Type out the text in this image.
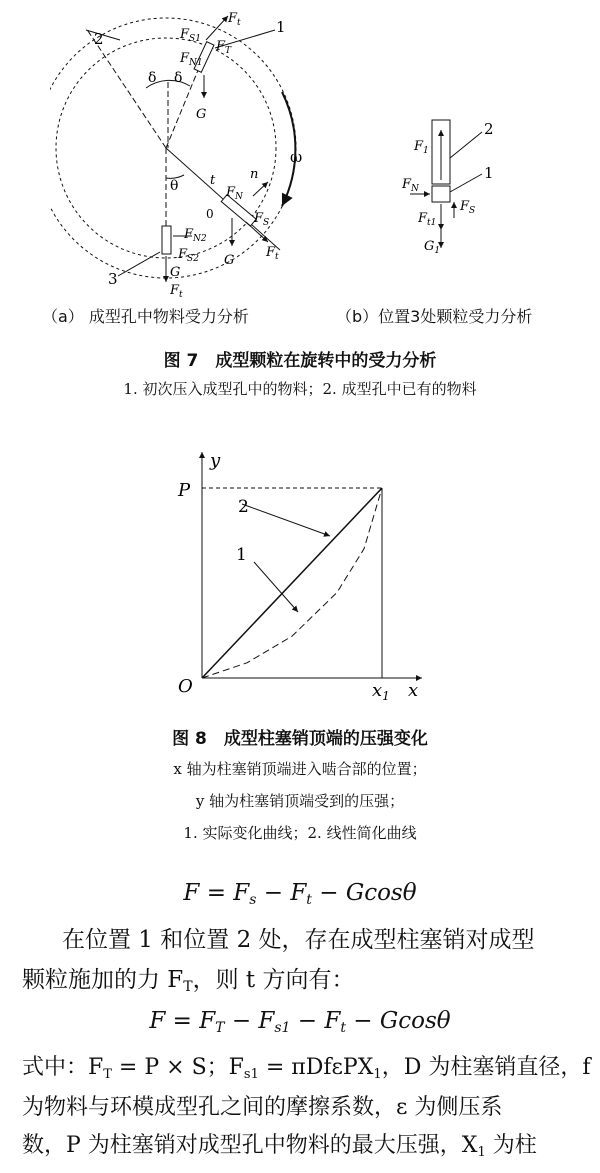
1
2
3
δ δ
θ
ω
$F_t$
$F_{S1}$ $F_T$
$F_{N1}$
G
t	n
$F_N$
$F_S$
$F_t$
G
0
$F_{N2}$
$F_{S2}$
G
$F_t$
2
1
$F_1$
$F_N$
$F_{t1}$
$F_S$
$G_1$
（a） 成型孔中物料受力分析	（b）位置3处颗粒受力分析
图 7　成型颗粒在旋转中的受力分析
1. 初次压入成型孔中的物料；2. 成型孔中已有的物料
2
1
y
P
O	$x_1$ x
图 8　成型柱塞销顶端的压强变化
x 轴为柱塞销顶端进入啮合部的位置；
y 轴为柱塞销顶端受到的压强；
1. 实际变化曲线；2. 线性简化曲线
F = Fs − Ft − Gcosθ
在位置 1 和位置 2 处，存在成型柱塞销对成型
颗粒施加的力 FT，则 t 方向有：
F = FT − Fs1 − Ft − Gcosθ
式中：FT = P × S；Fs1 = πDfεPX1，D 为柱塞销直径，f
为物料与环模成型孔之间的摩擦系数，ε 为侧压系
数，P 为柱塞销对成型孔中物料的最大压强，X1 为柱
